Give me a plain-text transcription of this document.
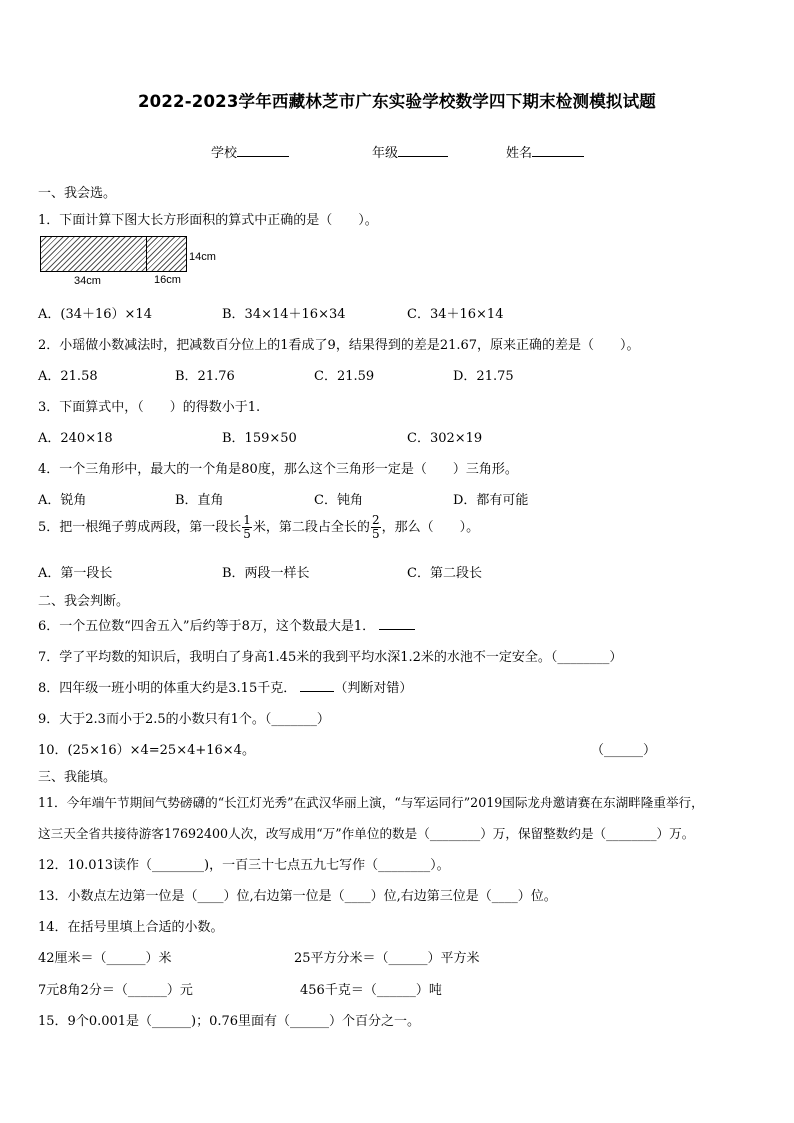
2022-2023学年西藏林芝市广东实验学校数学四下期末检测模拟试题
学校	年级	姓名
一、我会选。
1．下面计算下图大长方形面积的算式中正确的是（　　）。
34cm	16cm
14cm
A．(34＋16）×14	B．34×14＋16×34	C．34＋16×14
2．小瑶做小数减法时，把减数百分位上的1看成了9，结果得到的差是21.67，原来正确的差是（　　）。
A．21.58	B．21.76	C．21.59	D．21.75
3．下面算式中，（　　）的得数小于1.
A．240×18	B．159×50	C．302×19
4．一个三角形中，最大的一个角是80度，那么这个三角形一定是（　　）三角形。
A．锐角	B．直角	C．钝角	D．都有可能
5．把一根绳子剪成两段，第一段长 $\frac{1}{5}$ 米，第二段占全长的 $\frac{2}{5}$ ，那么（　　）。
A．第一段长	B．两段一样长	C．第二段长
二、我会判断。
6．一个五位数“四舍五入”后约等于8万，这个数最大是1．
7．学了平均数的知识后，我明白了身高1.45米的我到平均水深1.2米的水池不一定安全。（________）
8．四年级一班小明的体重大约是3.15千克．	（判断对错）
9．大于2.3而小于2.5的小数只有1个。（_______）
10．(25×16）×4=25×4+16×4。	（______）
三、我能填。
11．今年端午节期间气势磅礴的“长江灯光秀”在武汉华丽上演，“与军运同行”2019国际龙舟邀请赛在东湖畔隆重举行，
这三天全省共接待游客17692400人次，改写成用“万”作单位的数是（________）万，保留整数约是（________）万。
12．10.013读作（________)，一百三十七点五九七写作（________）。
13．小数点左边第一位是（____）位,右边第一位是（____）位,右边第三位是（____）位。
14．在括号里填上合适的小数。
42厘米＝（______）米	25平方分米＝（______）平方米
7元8角2分＝（______）元	456千克＝（______）吨
15．9个0.001是（______)；0.76里面有（______）个百分之一。
